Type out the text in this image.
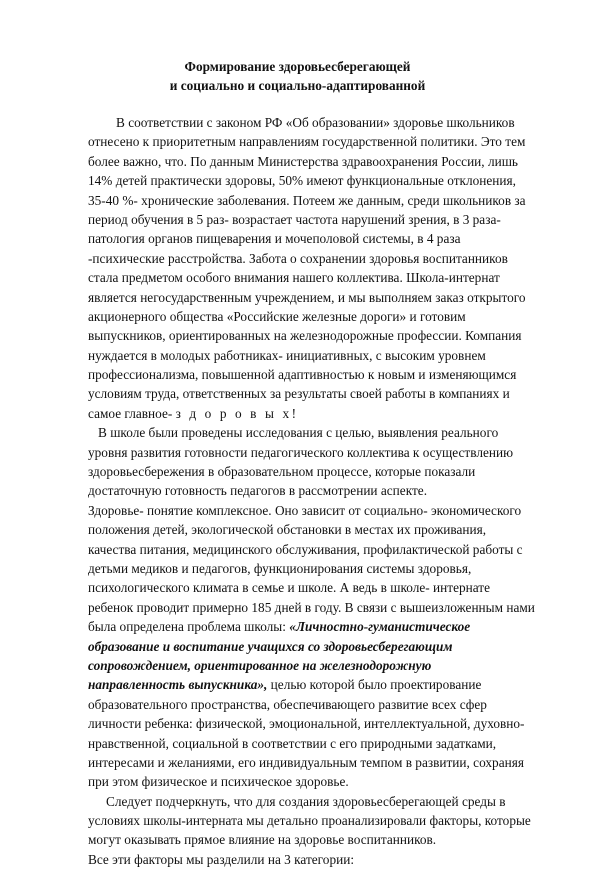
Формирование здоровьесберегающей
и социально и социально-адаптированной
В соответствии с законом РФ «Об образовании» здоровье школьников
отнесено к приоритетным направлениям государственной политики. Это тем
более важно, что. По данным Министерства здравоохранения России, лишь
14% детей практически здоровы, 50% имеют функциональные отклонения,
35-40 %- хронические заболевания. Потеем же данным, среди школьников за
период обучения в 5 раз- возрастает частота нарушений зрения, в 3 раза-
патология органов пищеварения и мочеполовой системы, в 4 раза
-психические расстройства. Забота о сохранении здоровья воспитанников
стала предметом особого внимания нашего коллектива. Школа-интернат
является негосударственным учреждением, и мы выполняем заказ открытого
акционерного общества «Российские железные дороги» и готовим
выпускников, ориентированных на железнодорожные профессии. Компания
нуждается в молодых работниках- инициативных, с высоким уровнем
профессионализма, повышенной адаптивностью к новым и изменяющимся
условиям труда, ответственных за результаты своей работы в компаниях и
самое главное- з д о р о в ы х!
В школе были проведены исследования с целью, выявления реального
уровня развития готовности педагогического коллектива к осуществлению
здоровьесбережения в образовательном процессе, которые показали
достаточную готовность педагогов в рассмотрении аспекте.
Здоровье- понятие комплексное. Оно зависит от социально- экономического
положения детей, экологической обстановки в местах их проживания,
качества питания, медицинского обслуживания, профилактической работы с
детьми медиков и педагогов, функционирования системы здоровья,
психологического климата в семье и школе. А ведь в школе- интернате
ребенок проводит примерно 185 дней в году. В связи с вышеизложенным нами
была определена проблема школы: «Личностно-гуманистическое
образование и воспитание учащихся со здоровьесберегающим
сопровождением, ориентированное на железнодорожную
направленность выпускника», целью которой было проектирование
образовательного пространства, обеспечивающего развитие всех сфер
личности ребенка: физической, эмоциональной, интеллектуальной, духовно-
нравственной, социальной в соответствии с его природными задатками,
интересами и желаниями, его индивидуальным темпом в развитии, сохраняя
при этом физическое и психическое здоровье.
Следует подчеркнуть, что для создания здоровьесберегающей среды в
условиях школы-интерната мы детально проанализировали факторы, которые
могут оказывать прямое влияние на здоровье воспитанников.
Все эти факторы мы разделили на 3 категории:
